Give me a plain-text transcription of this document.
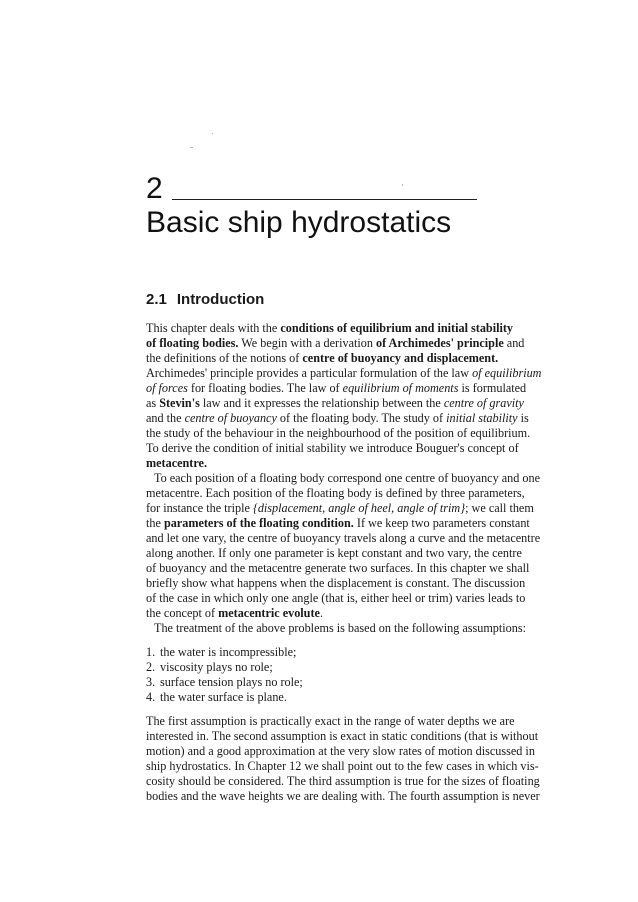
2
Basic ship hydrostatics
2.1 Introduction
This chapter deals with the conditions of equilibrium and initial stability
of floating bodies. We begin with a derivation of Archimedes' principle and
the definitions of the notions of centre of buoyancy and displacement.
Archimedes' principle provides a particular formulation of the law of equilibrium
of forces for floating bodies. The law of equilibrium of moments is formulated
as Stevin's law and it expresses the relationship between the centre of gravity
and the centre of buoyancy of the floating body. The study of initial stability is
the study of the behaviour in the neighbourhood of the position of equilibrium.
To derive the condition of initial stability we introduce Bouguer's concept of
metacentre.
To each position of a floating body correspond one centre of buoyancy and one
metacentre. Each position of the floating body is defined by three parameters,
for instance the triple {displacement, angle of heel, angle of trim}; we call them
the parameters of the floating condition. If we keep two parameters constant
and let one vary, the centre of buoyancy travels along a curve and the metacentre
along another. If only one parameter is kept constant and two vary, the centre
of buoyancy and the metacentre generate two surfaces. In this chapter we shall
briefly show what happens when the displacement is constant. The discussion
of the case in which only one angle (that is, either heel or trim) varies leads to
the concept of metacentric evolute.
The treatment of the above problems is based on the following assumptions:
1. the water is incompressible;
2. viscosity plays no role;
3. surface tension plays no role;
4. the water surface is plane.
The first assumption is practically exact in the range of water depths we are
interested in. The second assumption is exact in static conditions (that is without
motion) and a good approximation at the very slow rates of motion discussed in
ship hydrostatics. In Chapter 12 we shall point out to the few cases in which vis-
cosity should be considered. The third assumption is true for the sizes of floating
bodies and the wave heights we are dealing with. The fourth assumption is never
